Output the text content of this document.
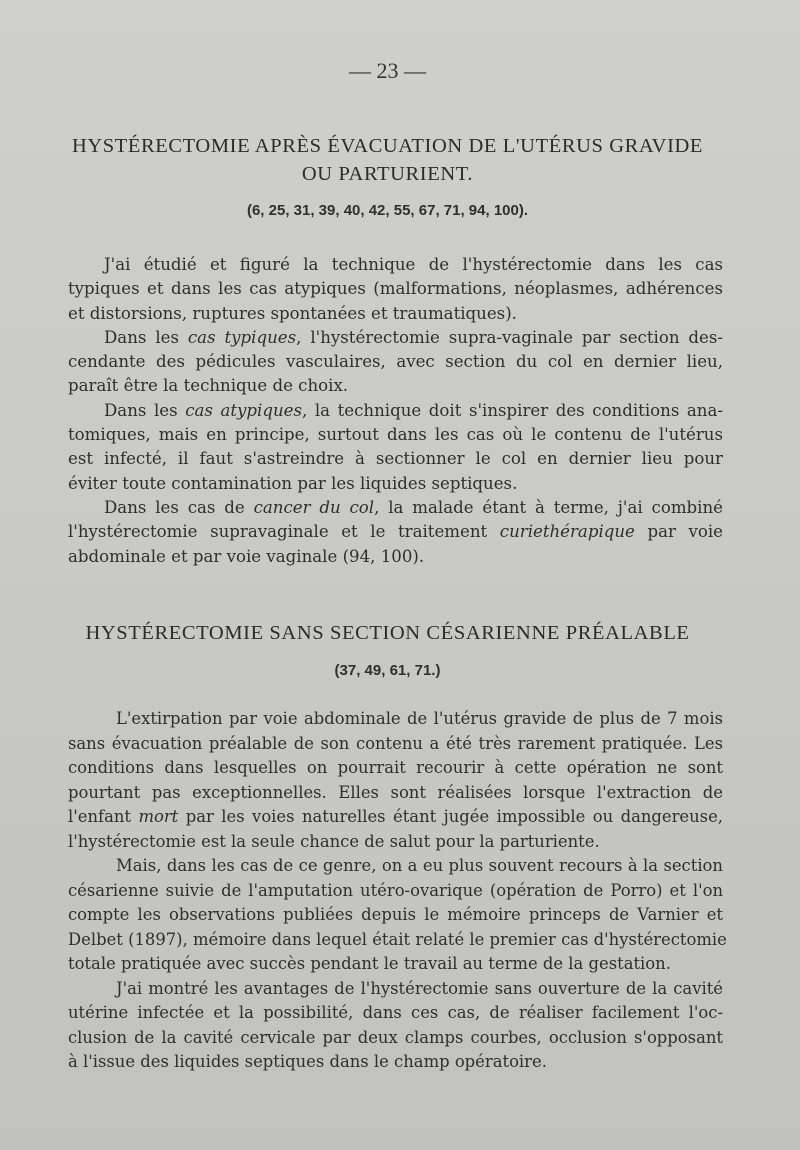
— 23 —
HYSTÉRECTOMIE APRÈS ÉVACUATION DE L'UTÉRUS GRAVIDE
OU PARTURIENT.
(6, 25, 31, 39, 40, 42, 55, 67, 71, 94, 100).
J'ai étudié et figuré la technique de l'hystérectomie dans les cas
typiques et dans les cas atypiques (malformations, néoplasmes, adhérences
et distorsions, ruptures spontanées et traumatiques).
Dans les cas typiques, l'hystérectomie supra-vaginale par section des-
cendante des pédicules vasculaires, avec section du col en dernier lieu,
paraît être la technique de choix.
Dans les cas atypiques, la technique doit s'inspirer des conditions ana-
tomiques, mais en principe, surtout dans les cas où le contenu de l'utérus
est infecté, il faut s'astreindre à sectionner le col en dernier lieu pour
éviter toute contamination par les liquides septiques.
Dans les cas de cancer du col, la malade étant à terme, j'ai combiné
l'hystérectomie supravaginale et le traitement curiethérapique par voie
abdominale et par voie vaginale (94, 100).
HYSTÉRECTOMIE SANS SECTION CÉSARIENNE PRÉALABLE
(37, 49, 61, 71.)
L'extirpation par voie abdominale de l'utérus gravide de plus de 7 mois
sans évacuation préalable de son contenu a été très rarement pratiquée. Les
conditions dans lesquelles on pourrait recourir à cette opération ne sont
pourtant pas exceptionnelles. Elles sont réalisées lorsque l'extraction de
l'enfant mort par les voies naturelles étant jugée impossible ou dangereuse,
l'hystérectomie est la seule chance de salut pour la parturiente.
Mais, dans les cas de ce genre, on a eu plus souvent recours à la section
césarienne suivie de l'amputation utéro-ovarique (opération de Porro) et l'on
compte les observations publiées depuis le mémoire princeps de Varnier et
Delbet (1897), mémoire dans lequel était relaté le premier cas d'hystérectomie
totale pratiquée avec succès pendant le travail au terme de la gestation.
J'ai montré les avantages de l'hystérectomie sans ouverture de la cavité
utérine infectée et la possibilité, dans ces cas, de réaliser facilement l'oc-
clusion de la cavité cervicale par deux clamps courbes, occlusion s'opposant
à l'issue des liquides septiques dans le champ opératoire.
